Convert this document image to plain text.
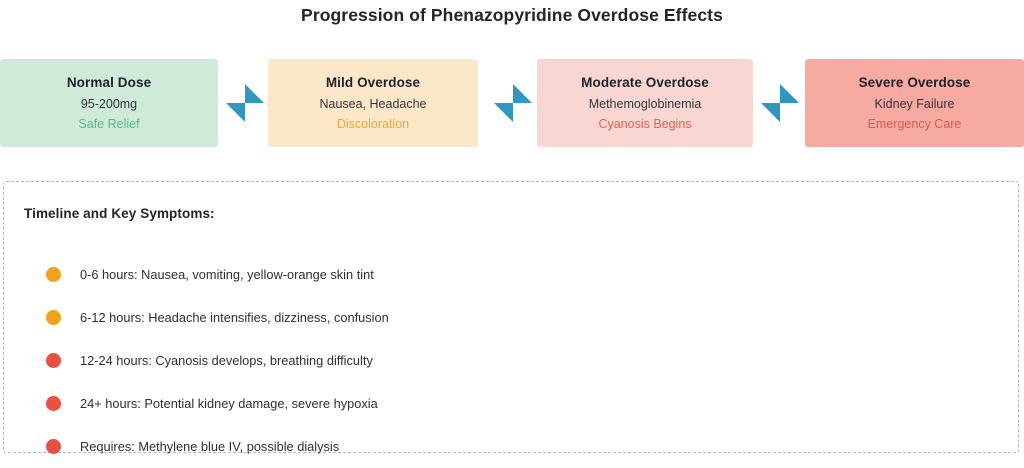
Progression of Phenazopyridine Overdose Effects
Normal Dose
95-200mg
Safe Relief
Mild Overdose
Nausea, Headache
Discoloration
Moderate Overdose
Methemoglobinemia
Cyanosis Begins
Severe Overdose
Kidney Failure
Emergency Care
Timeline and Key Symptoms:
0-6 hours: Nausea, vomiting, yellow-orange skin tint
6-12 hours: Headache intensifies, dizziness, confusion
12-24 hours: Cyanosis develops, breathing difficulty
24+ hours: Potential kidney damage, severe hypoxia
Requires: Methylene blue IV, possible dialysis
